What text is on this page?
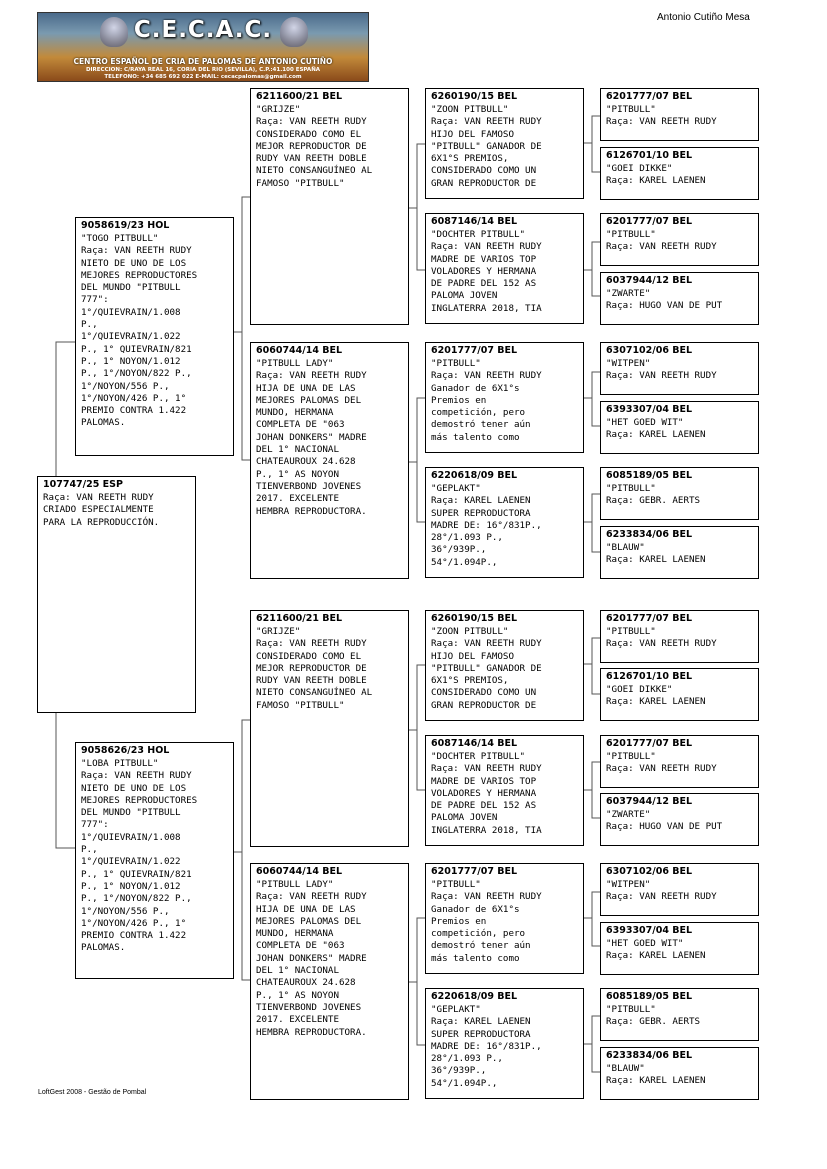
C.E.C.A.C.
CENTRO ESPAÑOL DE CRIA DE PALOMAS DE ANTONIO CUTIÑO
DIRECCION: C/RAYA REAL 16, CORIA DEL RIO (SEVILLA), C.P.:41.100 ESPAÑA
TELEFONO: +34 685 692 022 E-MAIL: cecacpalomas@gmail.com
Antonio Cutiño Mesa
107747/25 ESP
Raça: VAN REETH RUDY
CRIADO ESPECIALMENTE
PARA LA REPRODUCCIÓN.
9058619/23 HOL
"TOGO PITBULL"
Raça: VAN REETH RUDY
NIETO DE UNO DE LOS
MEJORES REPRODUCTORES
DEL MUNDO "PITBULL
777":
1°/QUIEVRAIN/1.008
P.,
1°/QUIEVRAIN/1.022
P., 1° QUIEVRAIN/821
P., 1° NOYON/1.012
P., 1°/NOYON/822 P.,
1°/NOYON/556 P.,
1°/NOYON/426 P., 1°
PREMIO CONTRA 1.422
PALOMAS.
9058626/23 HOL
"LOBA PITBULL"
Raça: VAN REETH RUDY
NIETO DE UNO DE LOS
MEJORES REPRODUCTORES
DEL MUNDO "PITBULL
777":
1°/QUIEVRAIN/1.008
P.,
1°/QUIEVRAIN/1.022
P., 1° QUIEVRAIN/821
P., 1° NOYON/1.012
P., 1°/NOYON/822 P.,
1°/NOYON/556 P.,
1°/NOYON/426 P., 1°
PREMIO CONTRA 1.422
PALOMAS.
6211600/21 BEL
"GRIJZE"
Raça: VAN REETH RUDY
CONSIDERADO COMO EL
MEJOR REPRODUCTOR DE
RUDY VAN REETH DOBLE
NIETO CONSANGUÍNEO AL
FAMOSO "PITBULL"
6060744/14 BEL
"PITBULL LADY"
Raça: VAN REETH RUDY
HIJA DE UNA DE LAS
MEJORES PALOMAS DEL
MUNDO, HERMANA
COMPLETA DE "063
JOHAN DONKERS" MADRE
DEL 1° NACIONAL
CHATEAUROUX 24.628
P., 1° AS NOYON
TIENVERBOND JOVENES
2017. EXCELENTE
HEMBRA REPRODUCTORA.
6211600/21 BEL
"GRIJZE"
Raça: VAN REETH RUDY
CONSIDERADO COMO EL
MEJOR REPRODUCTOR DE
RUDY VAN REETH DOBLE
NIETO CONSANGUÍNEO AL
FAMOSO "PITBULL"
6060744/14 BEL
"PITBULL LADY"
Raça: VAN REETH RUDY
HIJA DE UNA DE LAS
MEJORES PALOMAS DEL
MUNDO, HERMANA
COMPLETA DE "063
JOHAN DONKERS" MADRE
DEL 1° NACIONAL
CHATEAUROUX 24.628
P., 1° AS NOYON
TIENVERBOND JOVENES
2017. EXCELENTE
HEMBRA REPRODUCTORA.
6260190/15 BEL
"ZOON PITBULL"
Raça: VAN REETH RUDY
HIJO DEL FAMOSO
"PITBULL" GANADOR DE
6X1°S PREMIOS,
CONSIDERADO COMO UN
GRAN REPRODUCTOR DE
6087146/14 BEL
"DOCHTER PITBULL"
Raça: VAN REETH RUDY
MADRE DE VARIOS TOP
VOLADORES Y HERMANA
DE PADRE DEL 152 AS
PALOMA JOVEN
INGLATERRA 2018, TIA
6201777/07 BEL
"PITBULL"
Raça: VAN REETH RUDY
Ganador de 6X1°s
Premios en
competición, pero
demostró tener aún
más talento como
6220618/09 BEL
"GEPLAKT"
Raça: KAREL LAENEN
SUPER REPRODUCTORA
MADRE DE: 16°/831P.,
28°/1.093 P.,
36°/939P.,
54°/1.094P.,
6260190/15 BEL
"ZOON PITBULL"
Raça: VAN REETH RUDY
HIJO DEL FAMOSO
"PITBULL" GANADOR DE
6X1°S PREMIOS,
CONSIDERADO COMO UN
GRAN REPRODUCTOR DE
6087146/14 BEL
"DOCHTER PITBULL"
Raça: VAN REETH RUDY
MADRE DE VARIOS TOP
VOLADORES Y HERMANA
DE PADRE DEL 152 AS
PALOMA JOVEN
INGLATERRA 2018, TIA
6201777/07 BEL
"PITBULL"
Raça: VAN REETH RUDY
Ganador de 6X1°s
Premios en
competición, pero
demostró tener aún
más talento como
6220618/09 BEL
"GEPLAKT"
Raça: KAREL LAENEN
SUPER REPRODUCTORA
MADRE DE: 16°/831P.,
28°/1.093 P.,
36°/939P.,
54°/1.094P.,
6201777/07 BEL
"PITBULL"
Raça: VAN REETH RUDY
6126701/10 BEL
"GOEI DIKKE"
Raça: KAREL LAENEN
6201777/07 BEL
"PITBULL"
Raça: VAN REETH RUDY
6037944/12 BEL
"ZWARTE"
Raça: HUGO VAN DE PUT
6307102/06 BEL
"WITPEN"
Raça: VAN REETH RUDY
6393307/04 BEL
"HET GOED WIT"
Raça: KAREL LAENEN
6085189/05 BEL
"PITBULL"
Raça: GEBR. AERTS
6233834/06 BEL
"BLAUW"
Raça: KAREL LAENEN
6201777/07 BEL
"PITBULL"
Raça: VAN REETH RUDY
6126701/10 BEL
"GOEI DIKKE"
Raça: KAREL LAENEN
6201777/07 BEL
"PITBULL"
Raça: VAN REETH RUDY
6037944/12 BEL
"ZWARTE"
Raça: HUGO VAN DE PUT
6307102/06 BEL
"WITPEN"
Raça: VAN REETH RUDY
6393307/04 BEL
"HET GOED WIT"
Raça: KAREL LAENEN
6085189/05 BEL
"PITBULL"
Raça: GEBR. AERTS
6233834/06 BEL
"BLAUW"
Raça: KAREL LAENEN
LoftGest 2008 - Gestão de Pombal
